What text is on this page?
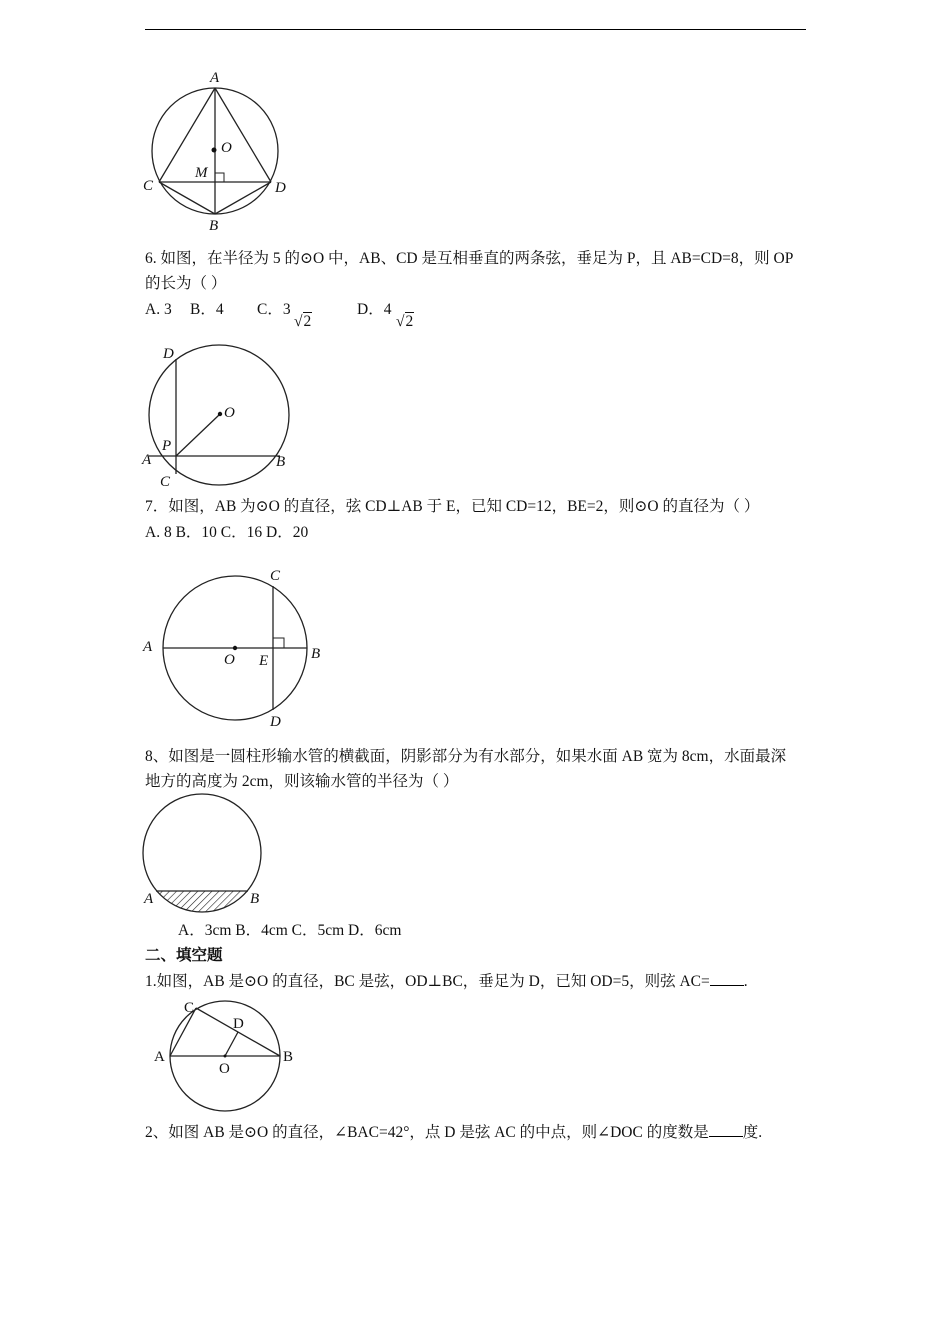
A
O
M
C	D
B
6. 如图，在半径为 5 的⊙O 中，AB、CD 是互相垂直的两条弦，垂足为 P，且 AB=CD=8，则 OP
的长为（ ）
A. 3 B．4 C．3
√2
D．4
√2
D
O
P
A	B
C
7．如图，AB 为⊙O 的直径，弦 CD⊥AB 于 E，已知 CD=12，BE=2，则⊙O 的直径为（ ）
A. 8 B．10 C．16 D．20
C
A
O E	B
D
8、如图是一圆柱形输水管的横截面，阴影部分为有水部分，如果水面 AB 宽为 8cm，水面最深
地方的高度为 2cm，则该输水管的半径为（ ）
A	B
A．3cm B．4cm C．5cm D．6cm
二、填空题
1.如图，AB 是⊙O 的直径，BC 是弦，OD⊥BC，垂足为 D，已知 OD=5，则弦 AC= .
C
D
A
O
B
2、如图 AB 是⊙O 的直径，∠BAC=42°，点 D 是弦 AC 的中点，则∠DOC 的度数是 度.
